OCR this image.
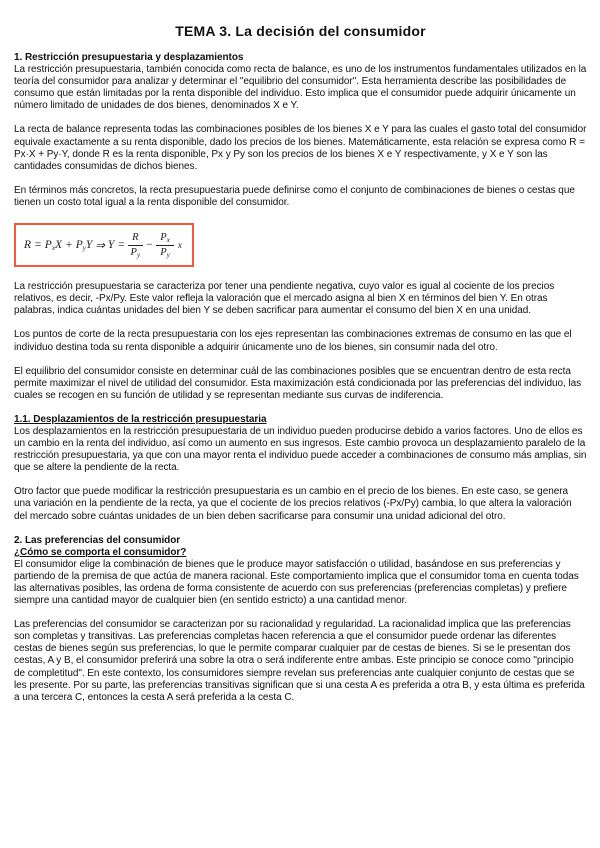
TEMA 3. La decisión del consumidor
1. Restricción presupuestaria y desplazamientos

La restricción presupuestaria, también conocida como recta de balance, es uno de los instrumentos fundamentales utilizados en la teoría del consumidor para analizar y determinar el "equilibrio del consumidor". Esta herramienta describe las posibilidades de consumo que están limitadas por la renta disponible del individuo. Esto implica que el consumidor puede adquirir únicamente un número limitado de unidades de dos bienes, denominados X e Y.

La recta de balance representa todas las combinaciones posibles de los bienes X e Y para las cuales el gasto total del consumidor equivale exactamente a su renta disponible, dado los precios de los bienes. Matemáticamente, esta relación se expresa como R = Px·X + Py·Y, donde R es la renta disponible, Px y Py son los precios de los bienes X e Y respectivamente, y X e Y son las cantidades consumidas de dichos bienes.

En términos más concretos, la recta presupuestaria puede definirse como el conjunto de combinaciones de bienes o cestas que tienen un costo total igual a la renta disponible del consumidor.

$R = P_xX + P_yY$ ⇒ $Y = \frac{R}{P_y} - \frac{P_x}{P_y}$ x

La restricción presupuestaria se caracteriza por tener una pendiente negativa, cuyo valor es igual al cociente de los precios relativos, es decir, -Px/Py. Este valor refleja la valoración que el mercado asigna al bien X en términos del bien Y. En otras palabras, indica cuántas unidades del bien Y se deben sacrificar para aumentar el consumo del bien X en una unidad.

Los puntos de corte de la recta presupuestaria con los ejes representan las combinaciones extremas de consumo en las que el individuo destina toda su renta disponible a adquirir únicamente uno de los bienes, sin consumir nada del otro.

El equilibrio del consumidor consiste en determinar cuál de las combinaciones posibles que se encuentran dentro de esta recta permite maximizar el nivel de utilidad del consumidor. Esta maximización está condicionada por las preferencias del individuo, las cuales se recogen en su función de utilidad y se representan mediante sus curvas de indiferencia.

1.1. Desplazamientos de la restricción presupuestaria

Los desplazamientos en la restricción presupuestaria de un individuo pueden producirse debido a varios factores. Uno de ellos es un cambio en la renta del individuo, así como un aumento en sus ingresos. Este cambio provoca un desplazamiento paralelo de la restricción presupuestaria, ya que con una mayor renta el individuo puede acceder a combinaciones de consumo más amplias, sin que se altere la pendiente de la recta.

Otro factor que puede modificar la restricción presupuestaria es un cambio en el precio de los bienes. En este caso, se genera una variación en la pendiente de la recta, ya que el cociente de los precios relativos (-Px/Py) cambia, lo que altera la valoración del mercado sobre cuántas unidades de un bien deben sacrificarse para consumir una unidad adicional del otro.

2. Las preferencias del consumidor
¿Cómo se comporta el consumidor?

El consumidor elige la combinación de bienes que le produce mayor satisfacción o utilidad, basándose en sus preferencias y partiendo de la premisa de que actúa de manera racional. Este comportamiento implica que el consumidor toma en cuenta todas las alternativas posibles, las ordena de forma consistente de acuerdo con sus preferencias (preferencias completas) y prefiere siempre una cantidad mayor de cualquier bien (en sentido estricto) a una cantidad menor.

Las preferencias del consumidor se caracterizan por su racionalidad y regularidad. La racionalidad implica que las preferencias son completas y transitivas. Las preferencias completas hacen referencia a que el consumidor puede ordenar las diferentes cestas de bienes según sus preferencias, lo que le permite comparar cualquier par de cestas de bienes. Si se le presentan dos cestas, A y B, el consumidor preferirá una sobre la otra o será indiferente entre ambas. Este principio se conoce como "principio de completitud". En este contexto, los consumidores siempre revelan sus preferencias ante cualquier conjunto de cestas que se les presente. Por su parte, las preferencias transitivas significan que si una cesta A es preferida a otra B, y esta última es preferida a una tercera C, entonces la cesta A será preferida a la cesta C.
